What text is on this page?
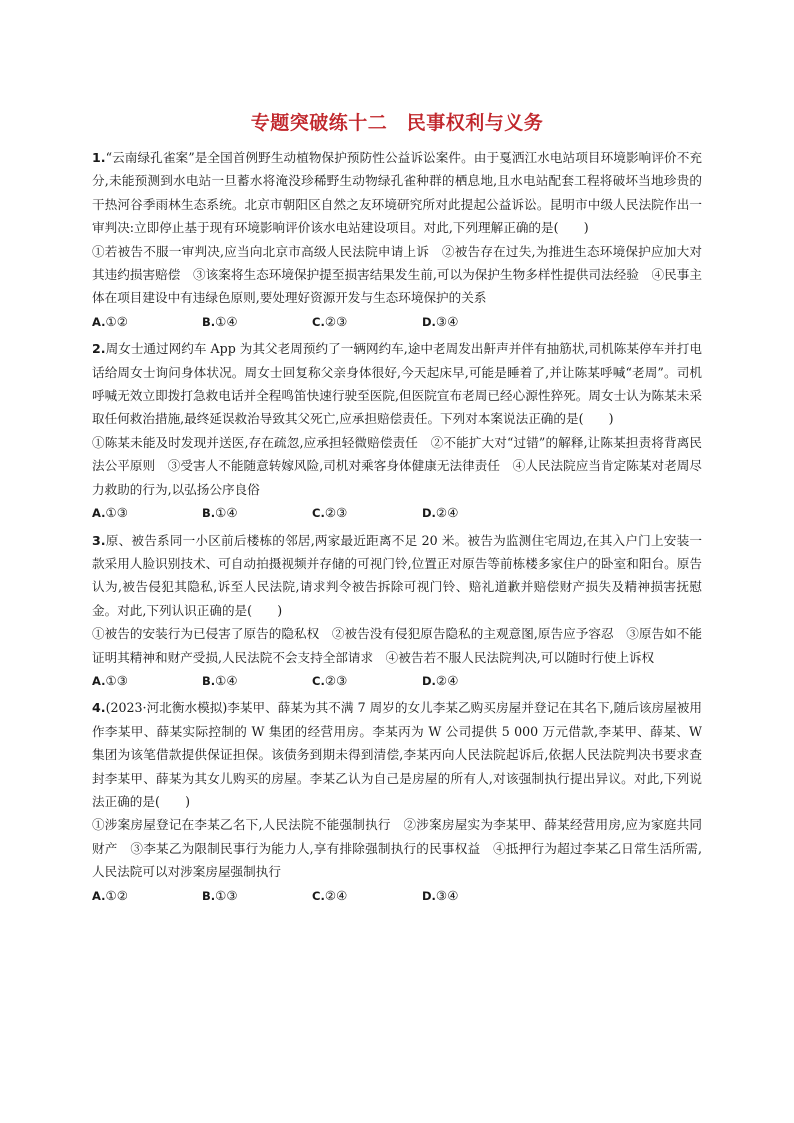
专题突破练十二　民事权利与义务

1.“云南绿孔雀案”是全国首例野生动植物保护预防性公益诉讼案件。由于戛洒江水电站项目环境影响评价不充分,未能预测到水电站一旦蓄水将淹没珍稀野生动物绿孔雀种群的栖息地,且水电站配套工程将破坏当地珍贵的干热河谷季雨林生态系统。北京市朝阳区自然之友环境研究所对此提起公益诉讼。昆明市中级人民法院作出一审判决:立即停止基于现有环境影响评价该水电站建设项目。对此,下列理解正确的是(　　)

①若被告不服一审判决,应当向北京市高级人民法院申请上诉　②被告存在过失,为推进生态环境保护应加大对其违约损害赔偿　③该案将生态环境保护提至损害结果发生前,可以为保护生物多样性提供司法经验　④民事主体在项目建设中有违绿色原则,要处理好资源开发与生态环境保护的关系

A.①②	B.①④	C.②③	D.③④

2.周女士通过网约车 App 为其父老周预约了一辆网约车,途中老周发出鼾声并伴有抽筋状,司机陈某停车并打电话给周女士询问身体状况。周女士回复称父亲身体很好,今天起床早,可能是睡着了,并让陈某呼喊“老周”。司机呼喊无效立即拨打急救电话并全程鸣笛快速行驶至医院,但医院宣布老周已经心源性猝死。周女士认为陈某未采取任何救治措施,最终延误救治导致其父死亡,应承担赔偿责任。下列对本案说法正确的是(　　)

①陈某未能及时发现并送医,存在疏忽,应承担轻微赔偿责任　②不能扩大对“过错”的解释,让陈某担责将背离民法公平原则　③受害人不能随意转嫁风险,司机对乘客身体健康无法律责任　④人民法院应当肯定陈某对老周尽力救助的行为,以弘扬公序良俗

A.①③	B.①④	C.②③	D.②④

3.原、被告系同一小区前后楼栋的邻居,两家最近距离不足 20 米。被告为监测住宅周边,在其入户门上安装一款采用人脸识别技术、可自动拍摄视频并存储的可视门铃,位置正对原告等前栋楼多家住户的卧室和阳台。原告认为,被告侵犯其隐私,诉至人民法院,请求判令被告拆除可视门铃、赔礼道歉并赔偿财产损失及精神损害抚慰金。对此,下列认识正确的是(　　)

①被告的安装行为已侵害了原告的隐私权　②被告没有侵犯原告隐私的主观意图,原告应予容忍　③原告如不能证明其精神和财产受损,人民法院不会支持全部请求　④被告若不服人民法院判决,可以随时行使上诉权

A.①③	B.①④	C.②③	D.②④

4.(2023·河北衡水模拟)李某甲、薛某为其不满 7 周岁的女儿李某乙购买房屋并登记在其名下,随后该房屋被用作李某甲、薛某实际控制的 W 集团的经营用房。李某丙为 W 公司提供 5 000 万元借款,李某甲、薛某、W 集团为该笔借款提供保证担保。该债务到期未得到清偿,李某丙向人民法院起诉后,依据人民法院判决书要求查封李某甲、薛某为其女儿购买的房屋。李某乙认为自己是房屋的所有人,对该强制执行提出异议。对此,下列说法正确的是(　　)

①涉案房屋登记在李某乙名下,人民法院不能强制执行　②涉案房屋实为李某甲、薛某经营用房,应为家庭共同财产　③李某乙为限制民事行为能力人,享有排除强制执行的民事权益　④抵押行为超过李某乙日常生活所需,人民法院可以对涉案房屋强制执行

A.①②	B.①③	C.②④	D.③④
